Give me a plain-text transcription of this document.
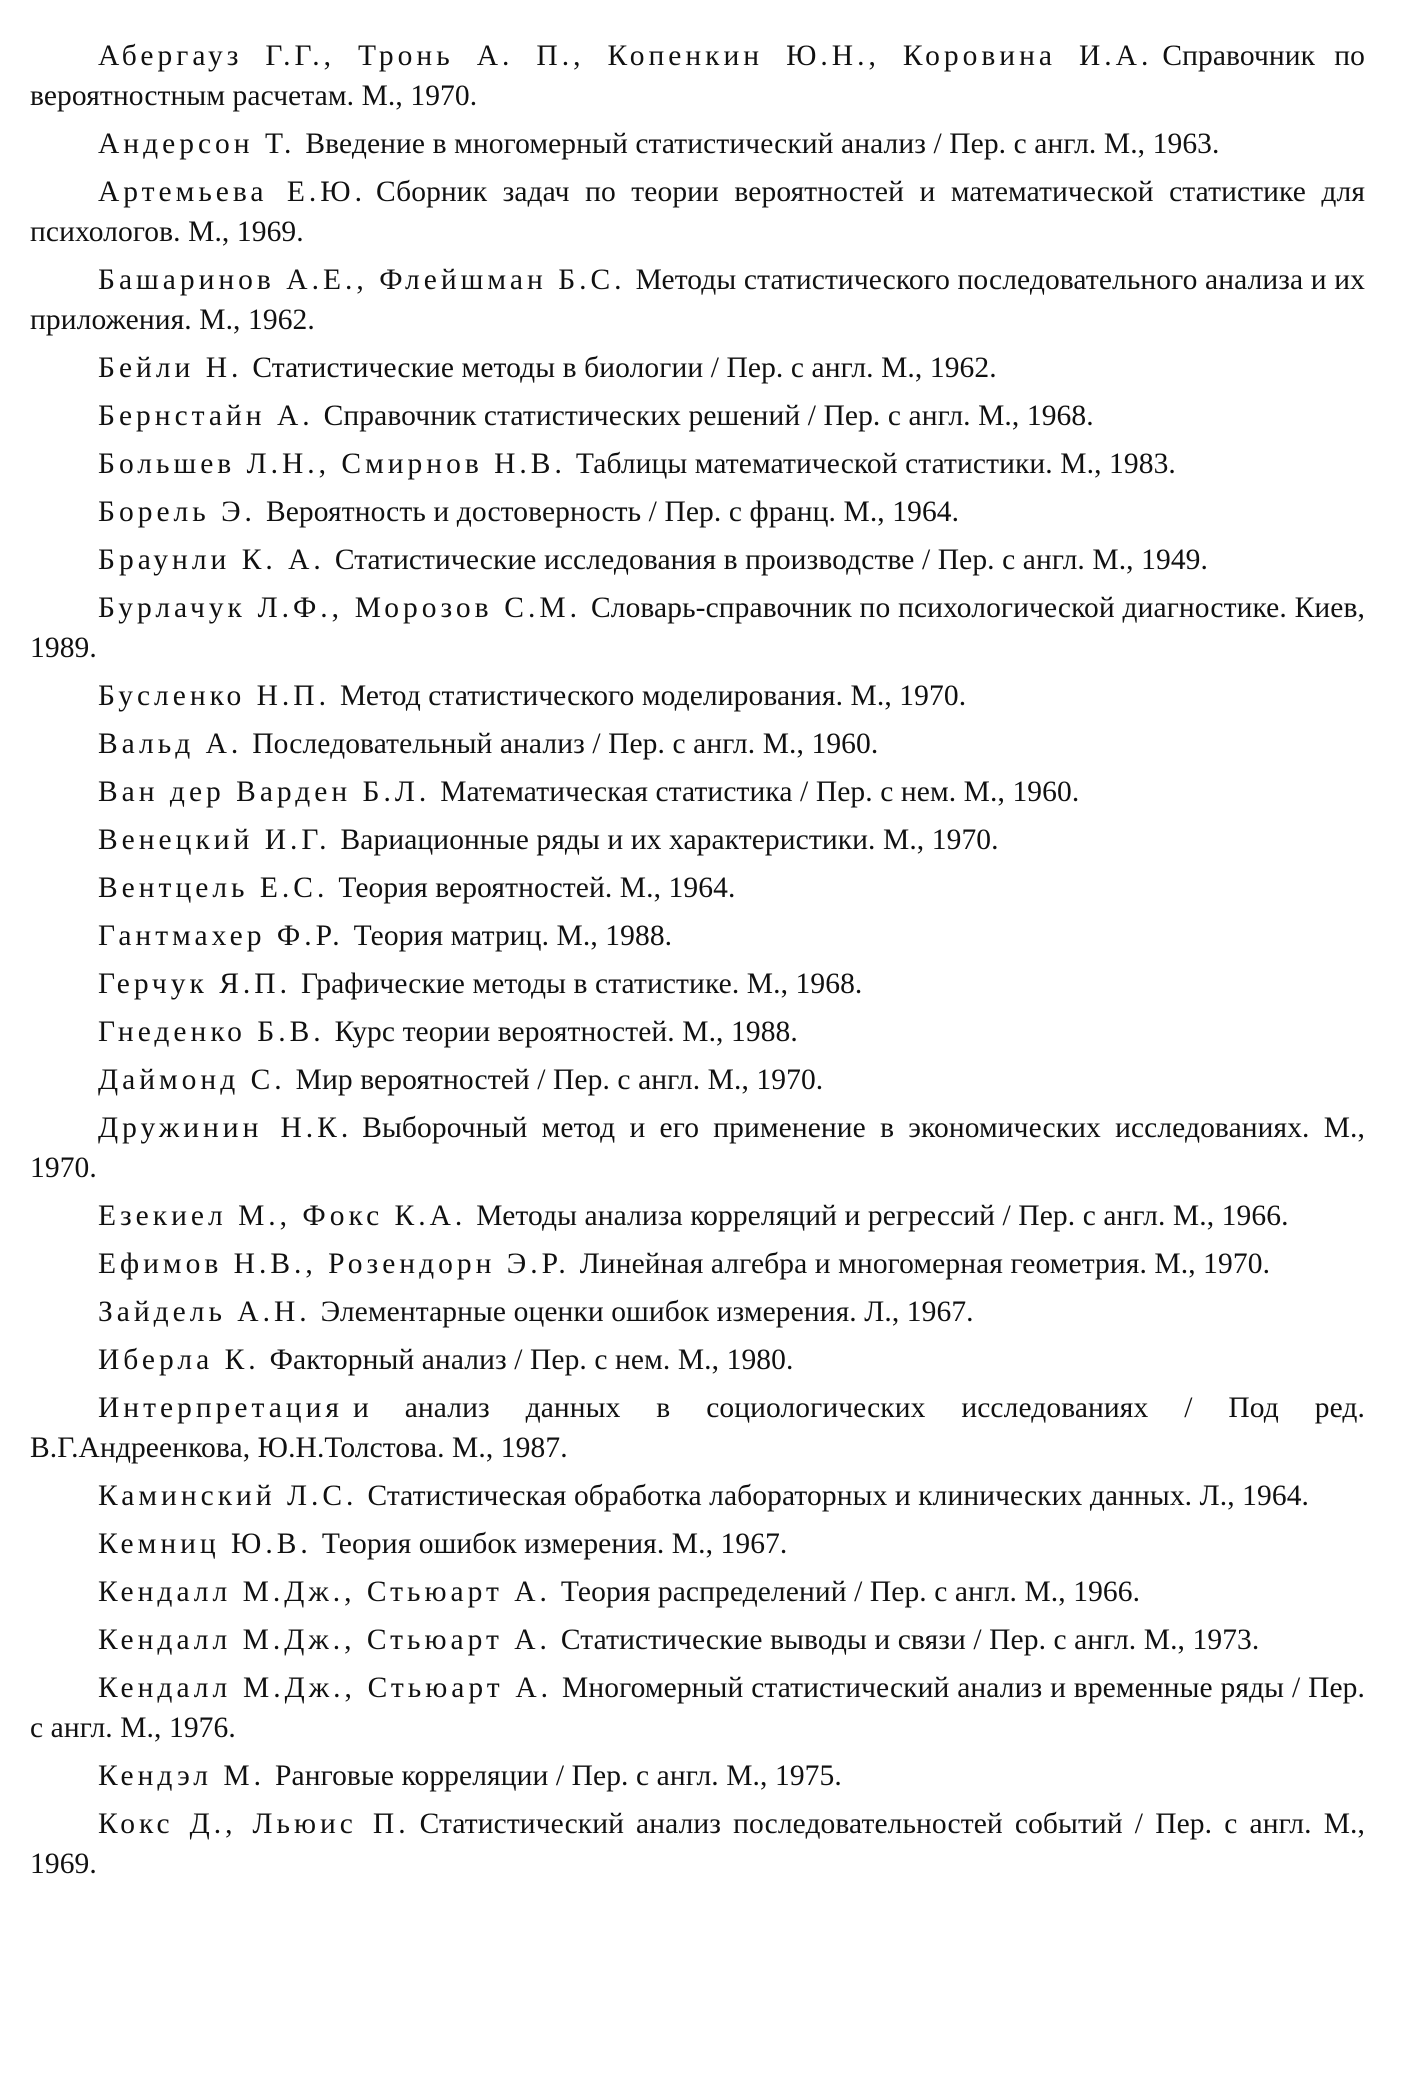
Абергауз Г.Г., Тронь А. П., Копенкин Ю.Н., Коровина И.А. Справочник по вероятностным расчетам. М., 1970.

Андерсон Т. Введение в многомерный статистический анализ / Пер. с англ. М., 1963.

Артемьева Е.Ю. Сборник задач по теории вероятностей и математической статистике для психологов. М., 1969.

Башаринов А.Е., Флейшман Б.С. Методы статистического последовательного анализа и их приложения. М., 1962.

Бейли Н. Статистические методы в биологии / Пер. с англ. М., 1962.

Бернстайн А. Справочник статистических решений / Пер. с англ. М., 1968.

Большев Л.Н., Смирнов Н.В. Таблицы математической статистики. М., 1983.

Борель Э. Вероятность и достоверность / Пер. с франц. М., 1964.

Браунли К. А. Статистические исследования в производстве / Пер. с англ. М., 1949.

Бурлачук Л.Ф., Морозов С.М. Словарь-справочник по психологической диагностике. Киев, 1989.

Бусленко Н.П. Метод статистического моделирования. М., 1970.

Вальд А. Последовательный анализ / Пер. с англ. М., 1960.

Ван дер Варден Б.Л. Математическая статистика / Пер. с нем. М., 1960.

Венецкий И.Г. Вариационные ряды и их характеристики. М., 1970.

Вентцель Е.С. Теория вероятностей. М., 1964.

Гантмахер Ф.Р. Теория матриц. М., 1988.

Герчук Я.П. Графические методы в статистике. М., 1968.

Гнеденко Б.В. Курс теории вероятностей. М., 1988.

Даймонд С. Мир вероятностей / Пер. с англ. М., 1970.

Дружинин Н.К. Выборочный метод и его применение в экономических исследованиях. М., 1970.

Езекиел М., Фокс К.А. Методы анализа корреляций и регрессий / Пер. с англ. М., 1966.

Ефимов Н.В., Розендорн Э.Р. Линейная алгебра и многомерная геометрия. М., 1970.

Зайдель А.Н. Элементарные оценки ошибок измерения. Л., 1967.

Иберла К. Факторный анализ / Пер. с нем. М., 1980.

Интерпретация и анализ данных в социологических исследованиях / Под ред. В.Г.Андреенкова, Ю.Н.Толстова. М., 1987.

Каминский Л.С. Статистическая обработка лабораторных и клинических данных. Л., 1964.

Кемниц Ю.В. Теория ошибок измерения. М., 1967.

Кендалл М.Дж., Стьюарт А. Теория распределений / Пер. с англ. М., 1966.

Кендалл М.Дж., Стьюарт А. Статистические выводы и связи / Пер. с англ. М., 1973.

Кендалл М.Дж., Стьюарт А. Многомерный статистический анализ и временные ряды / Пер. с англ. М., 1976.

Кендэл М. Ранговые корреляции / Пер. с англ. М., 1975.

Кокс Д., Льюис П. Статистический анализ последовательностей событий / Пер. с англ. М., 1969.
